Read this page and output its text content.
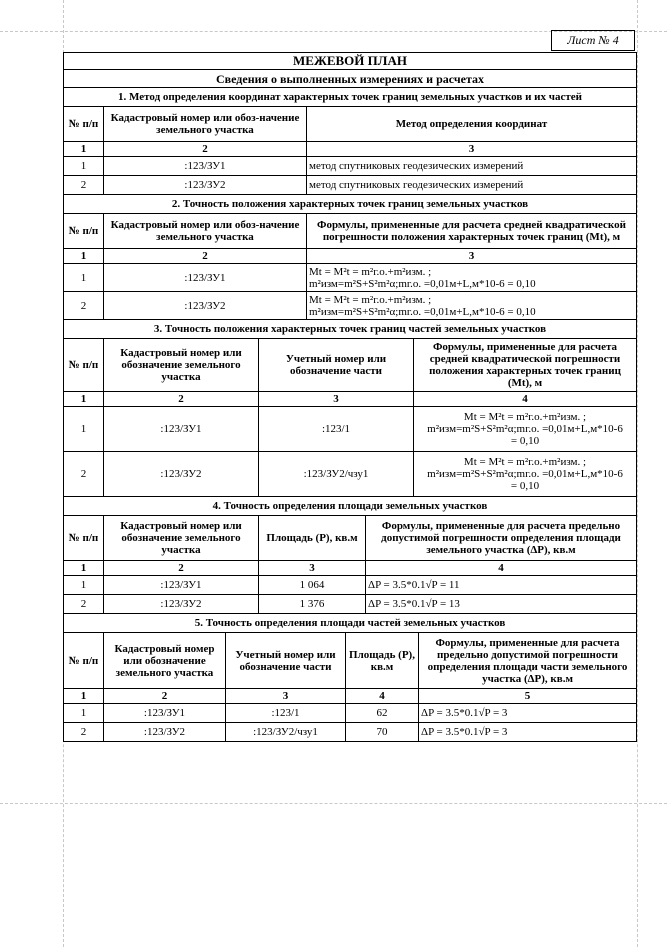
Лист № 4
МЕЖЕВОЙ ПЛАН		
Сведения о выполненных измерениях и расчетах		
1. Метод определения координат характерных точек границ земельных участков и их частей		
№ п/п	Кадастровый номер или обоз-начение земельного участка	Метод определения координат
1	2	3
1	:123/ЗУ1	метод спутниковых геодезических измерений
2	:123/ЗУ2	метод спутниковых геодезических измерений
2. Точность положения характерных точек границ земельных участков		
№ п/п	Кадастровый номер или обоз-начение земельного участка	Формулы, примененные для расчета средней квадратической погрешности положения характерных точек границ (Mt), м
1	2	3
1	:123/ЗУ1	Mt = M²t = m²г.о.+m²изм. ;
m²изм=m²S+S²m²α;mг.о. =0,01м+L,м*10-6 = 0,10
2	:123/ЗУ2	Mt = M²t = m²г.о.+m²изм. ;
m²изм=m²S+S²m²α;mг.о. =0,01м+L,м*10-6 = 0,10
3. Точность положения характерных точек границ частей земельных участков			
№ п/п	Кадастровый номер или обозначение земельного участка	Учетный номер или обозначение части	Формулы, примененные для расчета средней квадратической погрешности положения характерных точек границ (Mt), м
1	2	3	4
1	:123/ЗУ1	:123/1	Mt = M²t = m²г.о.+m²изм. ;
m²изм=m²S+S²m²α;mг.о. =0,01м+L,м*10-6
= 0,10
2	:123/ЗУ2	:123/ЗУ2/чзу1	Mt = M²t = m²г.о.+m²изм. ;
m²изм=m²S+S²m²α;mг.о. =0,01м+L,м*10-6
= 0,10
4. Точность определения площади земельных участков			
№ п/п	Кадастровый номер или обозначение земельного участка	Площадь (P), кв.м	Формулы, примененные для расчета предельно допустимой погрешности определения площади земельного участка (ΔP), кв.м
1	2	3	4
1	:123/ЗУ1	1 064	ΔP = 3.5*0.1√P = 11
2	:123/ЗУ2	1 376	ΔP = 3.5*0.1√P = 13
5. Точность определения площади частей земельных участков				
№ п/п	Кадастровый номер или обозначение земельного участка	Учетный номер или обозначение части	Площадь (P), кв.м	Формулы, примененные для расчета предельно допустимой погрешности определения площади части земельного участка (ΔP), кв.м
1	2	3	4	5
1	:123/ЗУ1	:123/1	62	ΔP = 3.5*0.1√P = 3
2	:123/ЗУ2	:123/ЗУ2/чзу1	70	ΔP = 3.5*0.1√P = 3
